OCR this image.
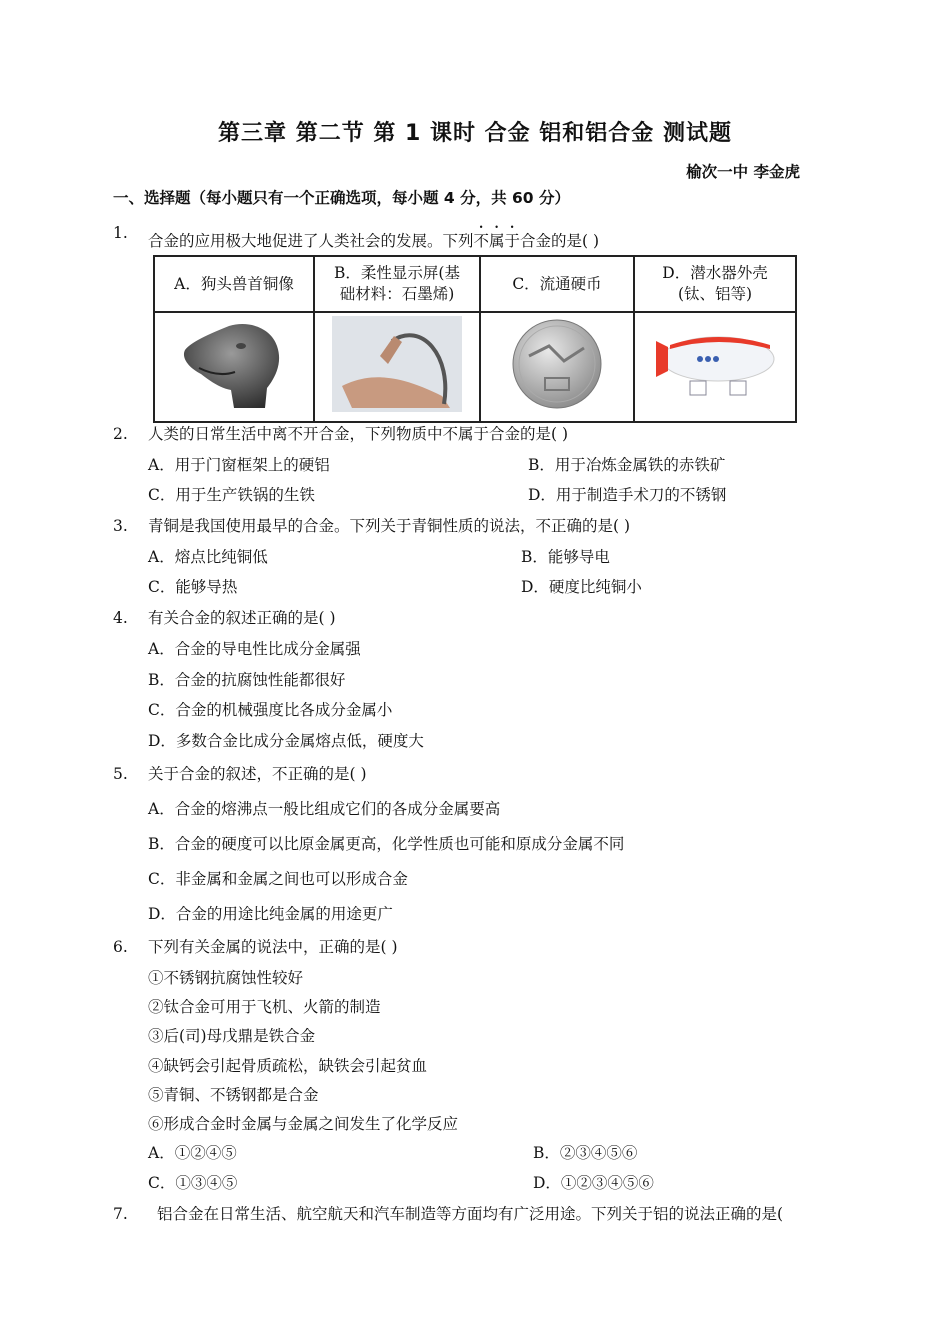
第三章 第二节 第 1 课时 合金 铝和铝合金 测试题
榆次一中 李金虎
一、选择题（每小题只有一个正确选项，每小题 4 分，共 60 分）
1. 合金的应用极大地促进了人类社会的发展。下列不属于合金的是( )
A．狗头兽首铜像	B．柔性显示屏(基础材料：石墨烯)	C．流通硬币	D．潜水器外壳(钛、铝等)

2. 人类的日常生活中离不开合金，下列物质中不属于合金的是( )
A．用于门窗框架上的硬铝	B．用于冶炼金属铁的赤铁矿
C．用于生产铁锅的生铁	D．用于制造手术刀的不锈钢
3. 青铜是我国使用最早的合金。下列关于青铜性质的说法，不正确的是( )
A．熔点比纯铜低	B．能够导电
C．能够导热	D．硬度比纯铜小
4. 有关合金的叙述正确的是( )
A．合金的导电性比成分金属强
B．合金的抗腐蚀性能都很好
C．合金的机械强度比各成分金属小
D．多数合金比成分金属熔点低，硬度大
5. 关于合金的叙述，不正确的是( )
A．合金的熔沸点一般比组成它们的各成分金属要高
B．合金的硬度可以比原金属更高，化学性质也可能和原成分金属不同
C．非金属和金属之间也可以形成合金
D．合金的用途比纯金属的用途更广
6. 下列有关金属的说法中，正确的是( )
①不锈钢抗腐蚀性较好
②钛合金可用于飞机、火箭的制造
③后(司)母戊鼎是铁合金
④缺钙会引起骨质疏松，缺铁会引起贫血
⑤青铜、不锈钢都是合金
⑥形成合金时金属与金属之间发生了化学反应
A．①②④⑤	B．②③④⑤⑥
C．①③④⑤	D．①②③④⑤⑥
7. 铝合金在日常生活、航空航天和汽车制造等方面均有广泛用途。下列关于铝的说法正确的是(
